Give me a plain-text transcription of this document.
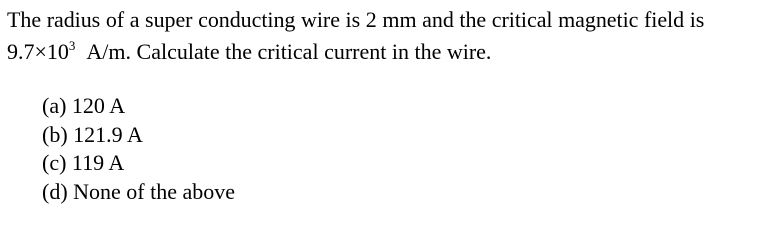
The radius of a super conducting wire is 2 mm and the critical magnetic field is
$9.7\times 10^3$ A/m. Calculate the critical current in the wire.
(a) 120 A
(b) 121.9 A
(c) 119 A
(d) None of the above
